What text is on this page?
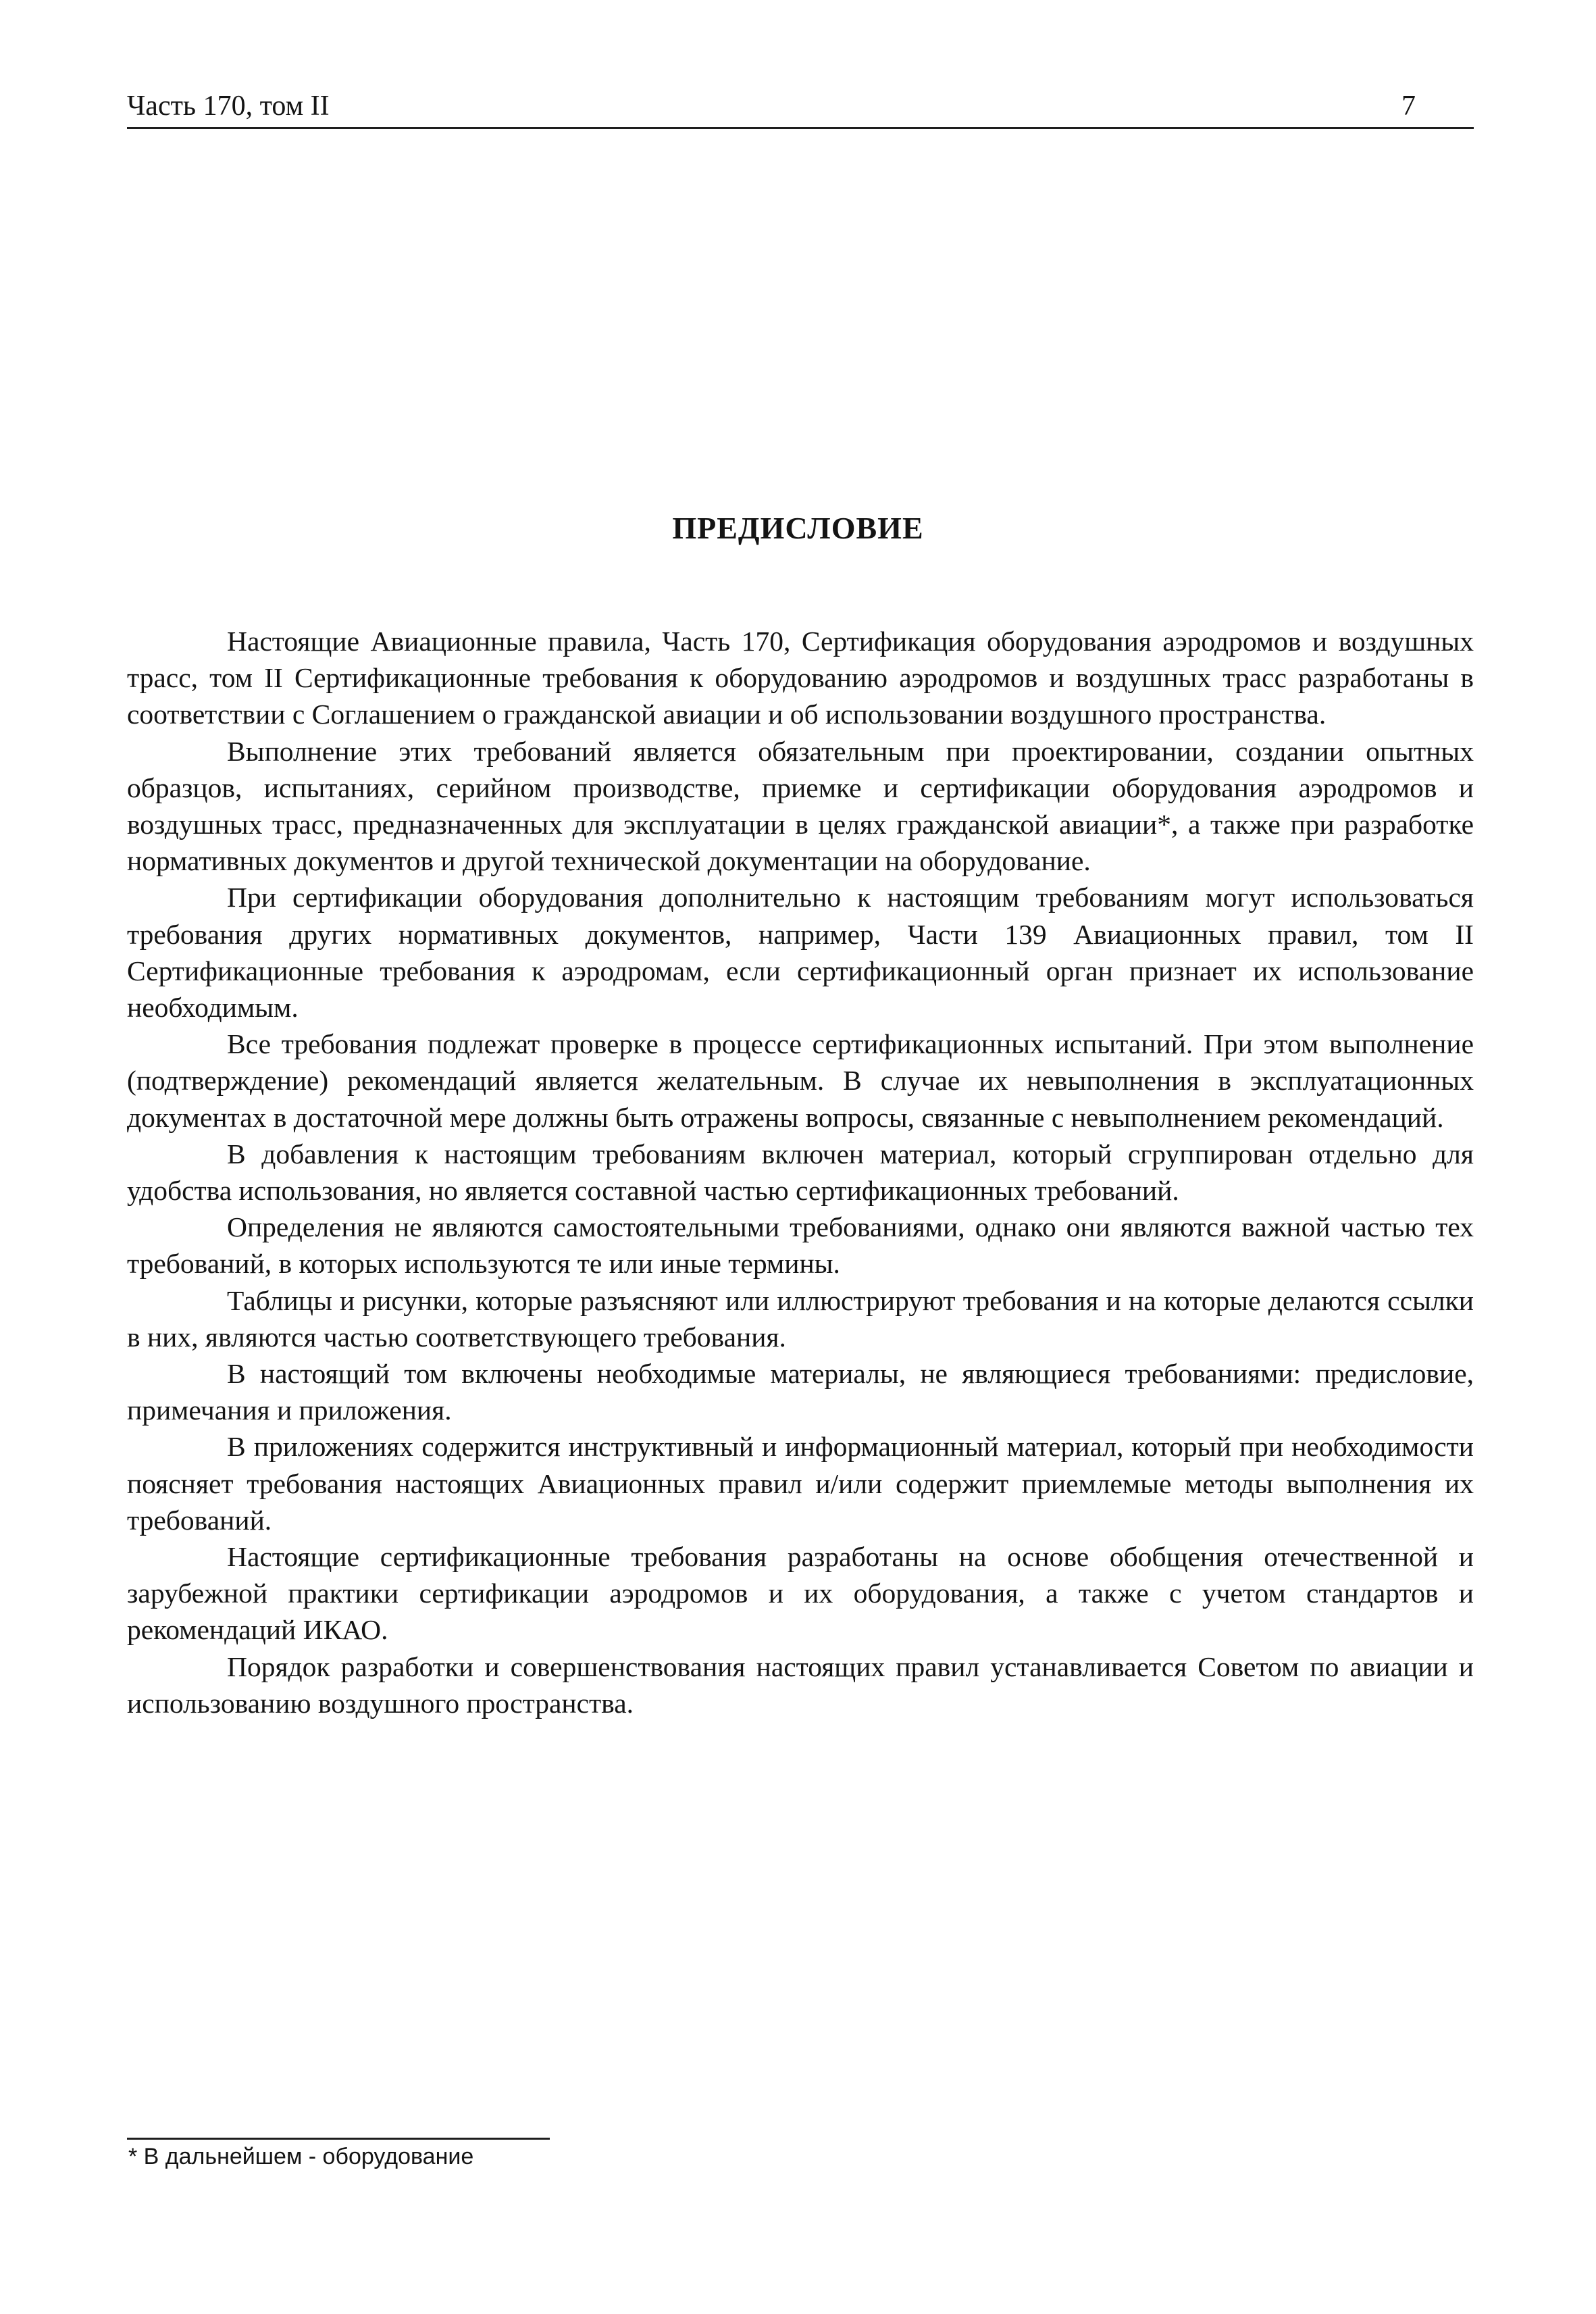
Часть 170, том II	7
ПРЕДИСЛОВИЕ

Настоящие Авиационные правила, Часть 170, Сертификация оборудования аэродромов и воздушных трасс, том II Сертификационные требования к оборудованию аэродромов и воздушных трасс разработаны в соответствии с Соглашением о гражданской авиации и об использовании воздушного пространства.

Выполнение этих требований является обязательным при проектировании, создании опытных образцов, испытаниях, серийном производстве, приемке и сертификации оборудования аэродромов и воздушных трасс, предназначенных для эксплуатации в целях гражданской авиации*, а также при разработке нормативных документов и другой технической документации на оборудование.

При сертификации оборудования дополнительно к настоящим требованиям могут использоваться требования других нормативных документов, например, Части 139 Авиационных правил, том II Сертификационные требования к аэродромам, если сертификационный орган признает их использование необходимым.

Все требования подлежат проверке в процессе сертификационных испытаний. При этом выполнение (подтверждение) рекомендаций является желательным. В случае их невыполнения в эксплуатационных документах в достаточной мере должны быть отражены вопросы, связанные с невыполнением рекомендаций.

В добавления к настоящим требованиям включен материал, который сгруппирован отдельно для удобства использования, но является составной частью сертификационных требований.

Определения не являются самостоятельными требованиями, однако они являются важной частью тех требований, в которых используются те или иные термины.

Таблицы и рисунки, которые разъясняют или иллюстрируют требования и на которые делаются ссылки в них, являются частью соответствующего требования.

В настоящий том включены необходимые материалы, не являющиеся требованиями: предисловие, примечания и приложения.

В приложениях содержится инструктивный и информационный материал, который при необходимости поясняет требования настоящих Авиационных правил и/или содержит приемлемые методы выполнения их требований.

Настоящие сертификационные требования разработаны на основе обобщения отечественной и зарубежной практики сертификации аэродромов и их оборудования, а также с учетом стандартов и рекомендаций ИКАО.

Порядок разработки и совершенствования настоящих правил устанавливается Советом по авиации и использованию воздушного пространства.

* В дальнейшем - оборудование
